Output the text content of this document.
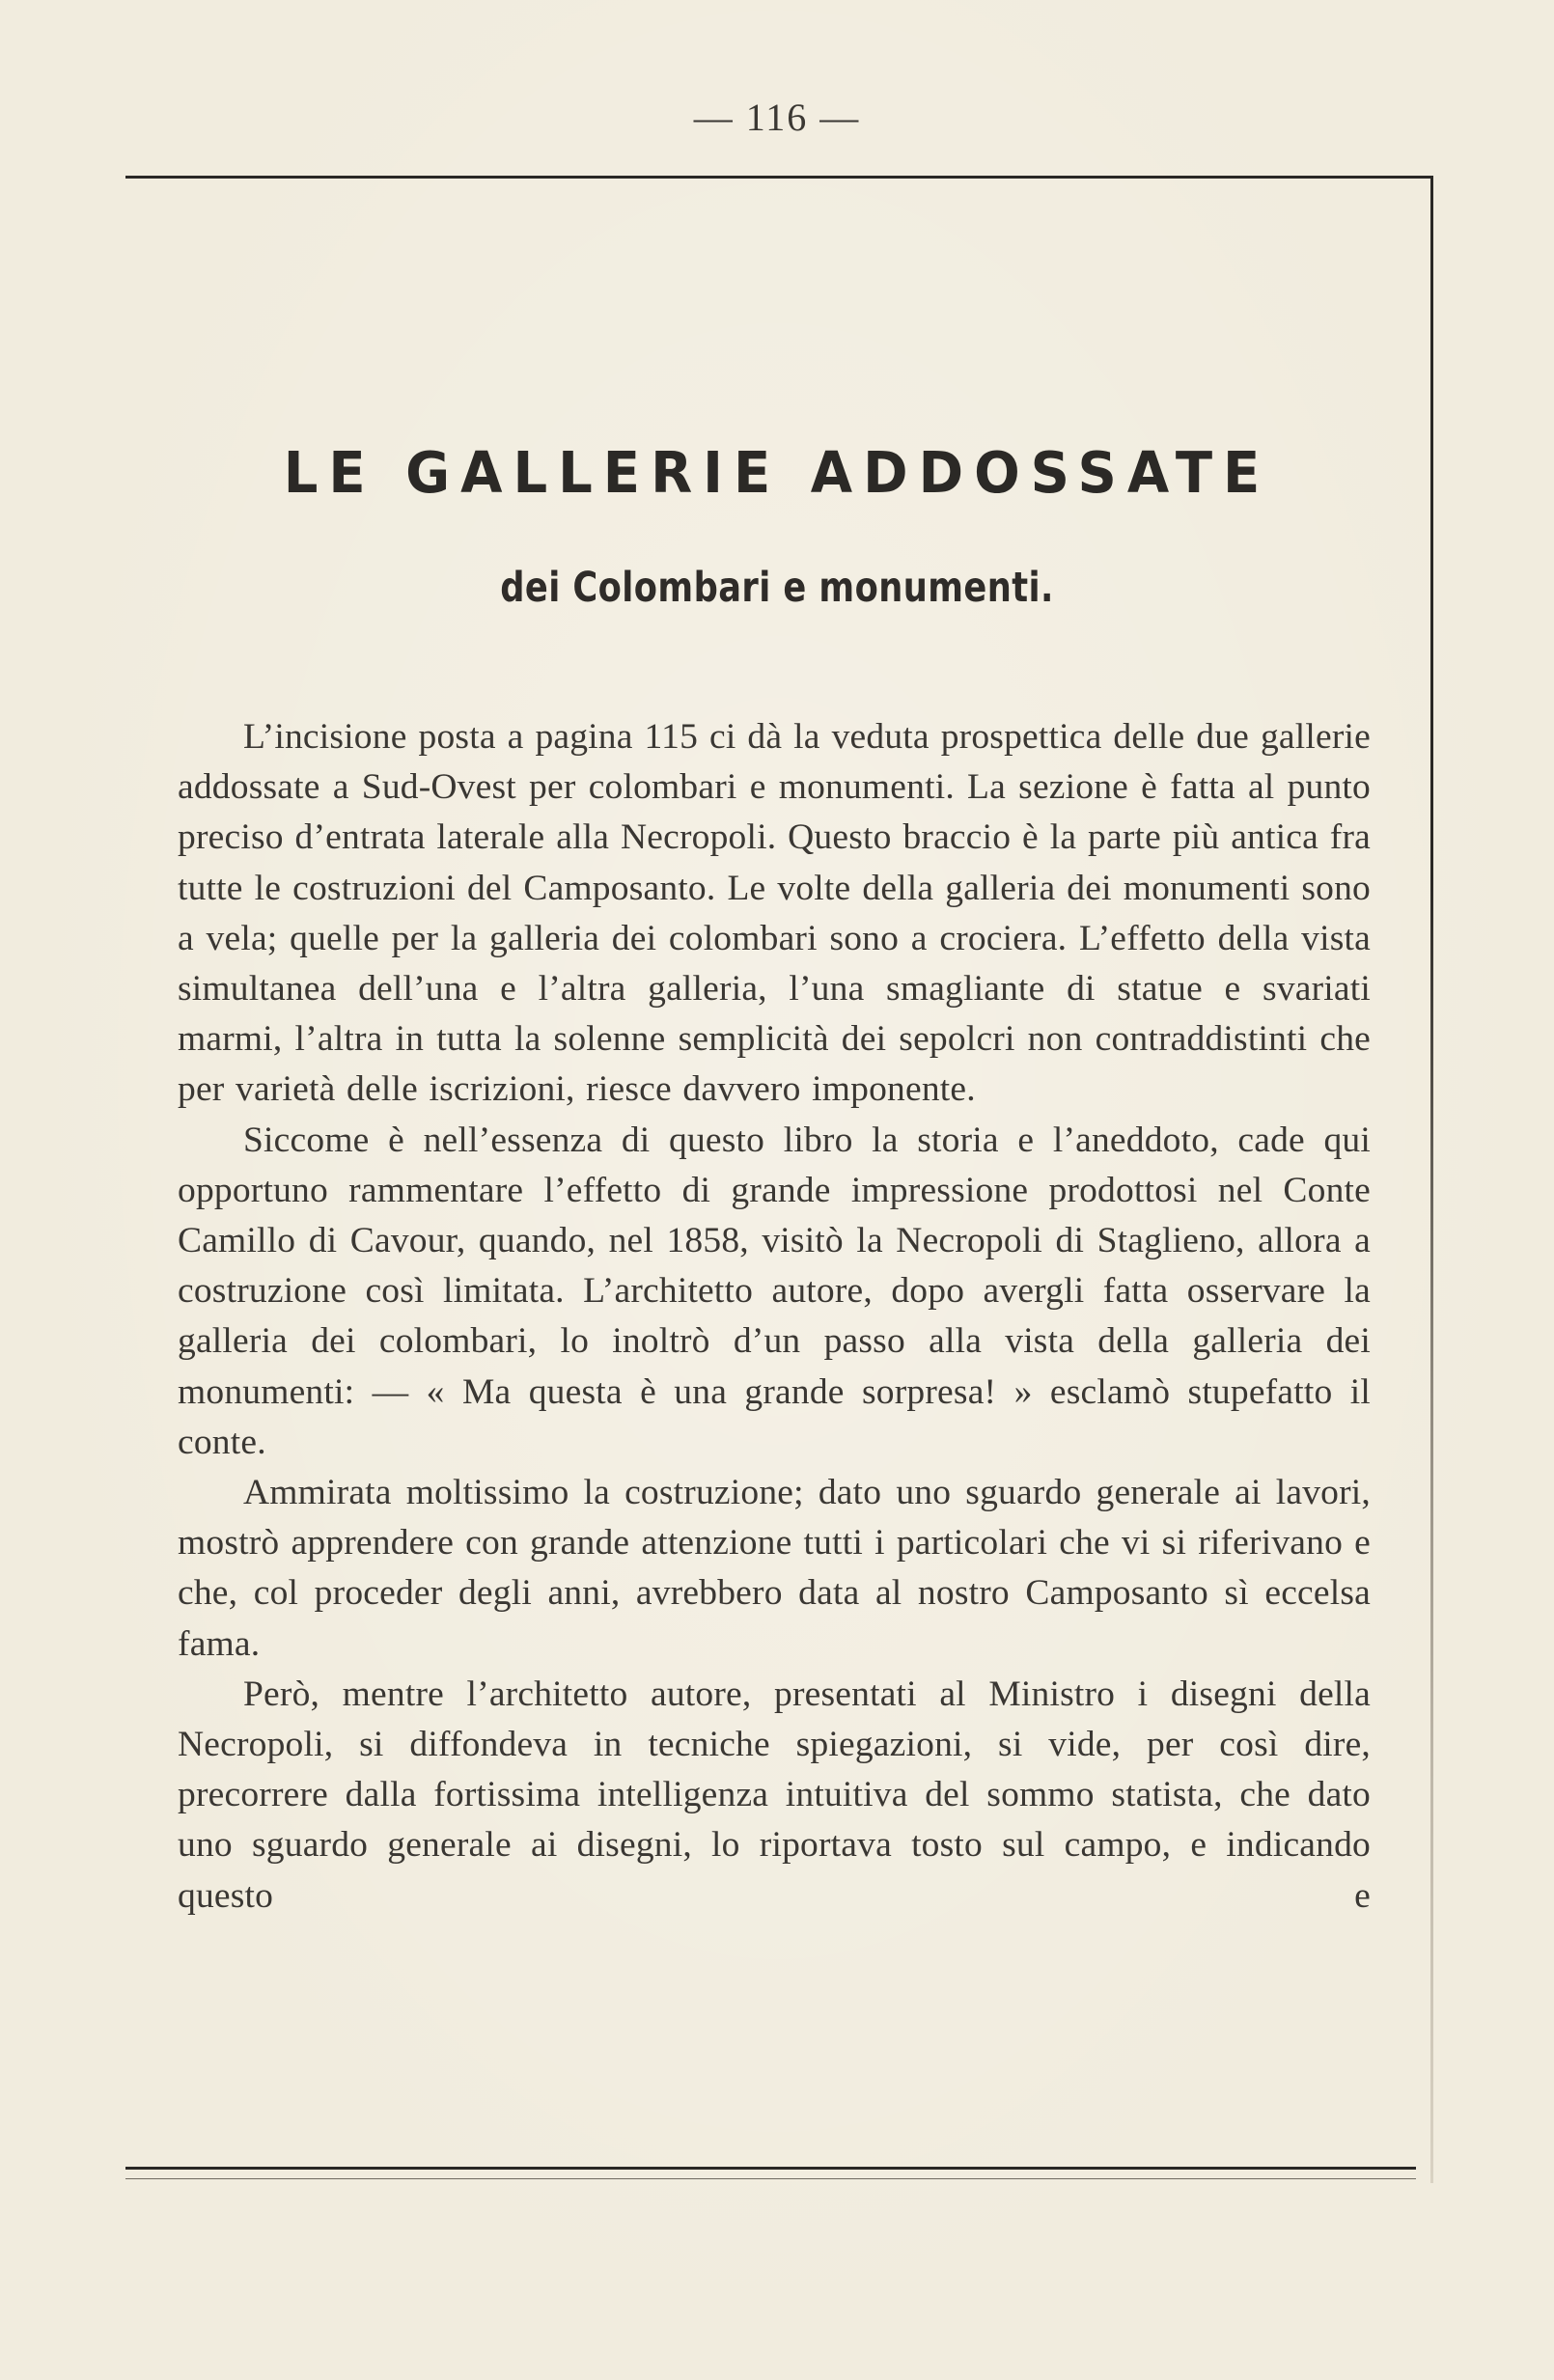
— 116 —
LE GALLERIE ADDOSSATE
dei Colombari e monumenti.

L’incisione posta a pagina 115 ci dà la veduta prospettica delle due gallerie addossate a Sud-Ovest per colombari e monumenti. La sezione è fatta al punto preciso d’entrata laterale alla Necropoli. Questo braccio è la parte più antica fra tutte le costruzioni del Camposanto. Le volte della galleria dei monumenti sono a vela; quelle per la galleria dei colombari sono a crociera. L’effetto della vista simultanea dell’una e l’altra galleria, l’una smagliante di statue e svariati marmi, l’altra in tutta la solenne semplicità dei sepolcri non contraddistinti che per varietà delle iscrizioni, riesce davvero imponente.

Siccome è nell’essenza di questo libro la storia e l’aneddoto, cade qui opportuno rammentare l’effetto di grande impressione prodottosi nel Conte Camillo di Cavour, quando, nel 1858, visitò la Necropoli di Staglieno, allora a costruzione così limitata. L’architetto autore, dopo avergli fatta osservare la galleria dei colombari, lo inoltrò d’un passo alla vista della galleria dei monumenti: — « Ma questa è una grande sorpresa! » esclamò stupefatto il conte.

Ammirata moltissimo la costruzione; dato uno sguardo generale ai lavori, mostrò apprendere con grande attenzione tutti i particolari che vi si riferivano e che, col proceder degli anni, avrebbero data al nostro Camposanto sì eccelsa fama.

Però, mentre l’architetto autore, presentati al Ministro i disegni della Necropoli, si diffondeva in tecniche spiegazioni, si vide, per così dire, precorrere dalla fortissima intelligenza intuitiva del sommo statista, che dato uno sguardo generale ai disegni, lo riportava tosto sul campo, e indicando questo e
